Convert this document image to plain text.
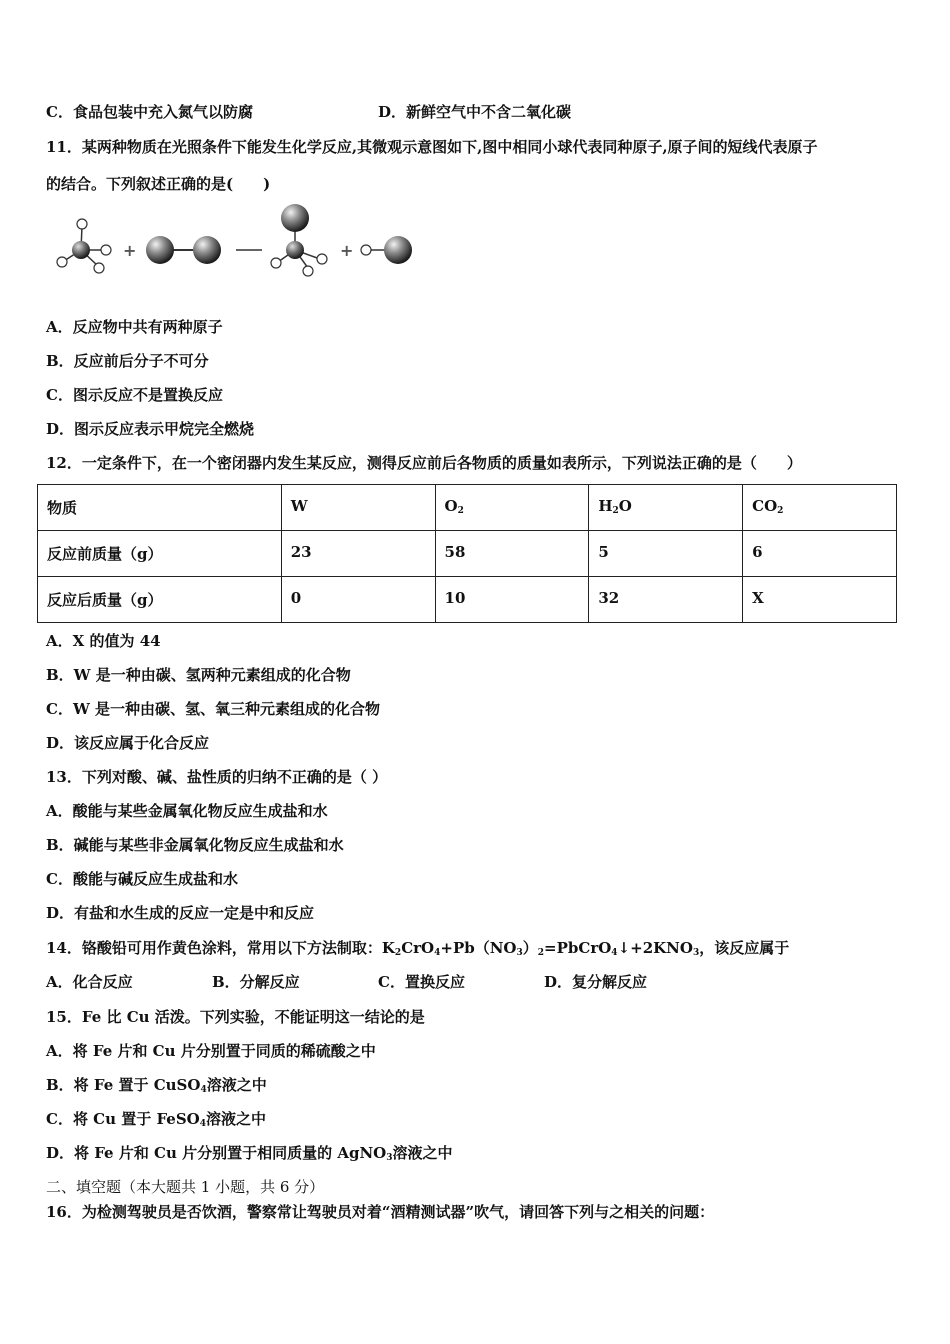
C．食品包装中充入氮气以防腐	D．新鲜空气中不含二氧化碳
11．某两种物质在光照条件下能发生化学反应,其微观示意图如下,图中相同小球代表同种原子,原子间的短线代表原子
的结合。下列叙述正确的是(　　)
+	+
A．反应物中共有两种原子
B．反应前后分子不可分
C．图示反应不是置换反应
D．图示反应表示甲烷完全燃烧
12．一定条件下，在一个密闭器内发生某反应，测得反应前后各物质的质量如表所示，下列说法正确的是（　　）
物质	W	$O_2$	$H_2O$	$CO_2$
反应前质量（g）	23	58	5	6
反应后质量（g）	0	10	32	X
A．X 的值为 44
B．W 是一种由碳、氢两种元素组成的化合物
C．W 是一种由碳、氢、氧三种元素组成的化合物
D．该反应属于化合反应
13．下列对酸、碱、盐性质的归纳不正确的是（ ）
A．酸能与某些金属氧化物反应生成盐和水
B．碱能与某些非金属氧化物反应生成盐和水
C．酸能与碱反应生成盐和水
D．有盐和水生成的反应一定是中和反应
14．铬酸铅可用作黄色涂料，常用以下方法制取：$K_2CrO_4+Pb(NO_3)_2=PbCrO_4↓+2KNO_3$，该反应属于
A．化合反应	B．分解反应	C．置换反应	D．复分解反应
15．Fe 比 Cu 活泼。下列实验，不能证明这一结论的是
A．将 Fe 片和 Cu 片分别置于同质的稀硫酸之中
B．将 Fe 置于 CuSO$_4$溶液之中
C．将 Cu 置于 FeSO$_4$溶液之中
D．将 Fe 片和 Cu 片分别置于相同质量的 AgNO$_3$溶液之中
二、填空题（本大题共 1 小题，共 6 分）
16．为检测驾驶员是否饮酒，警察常让驾驶员对着“酒精测试器”吹气，请回答下列与之相关的问题：
